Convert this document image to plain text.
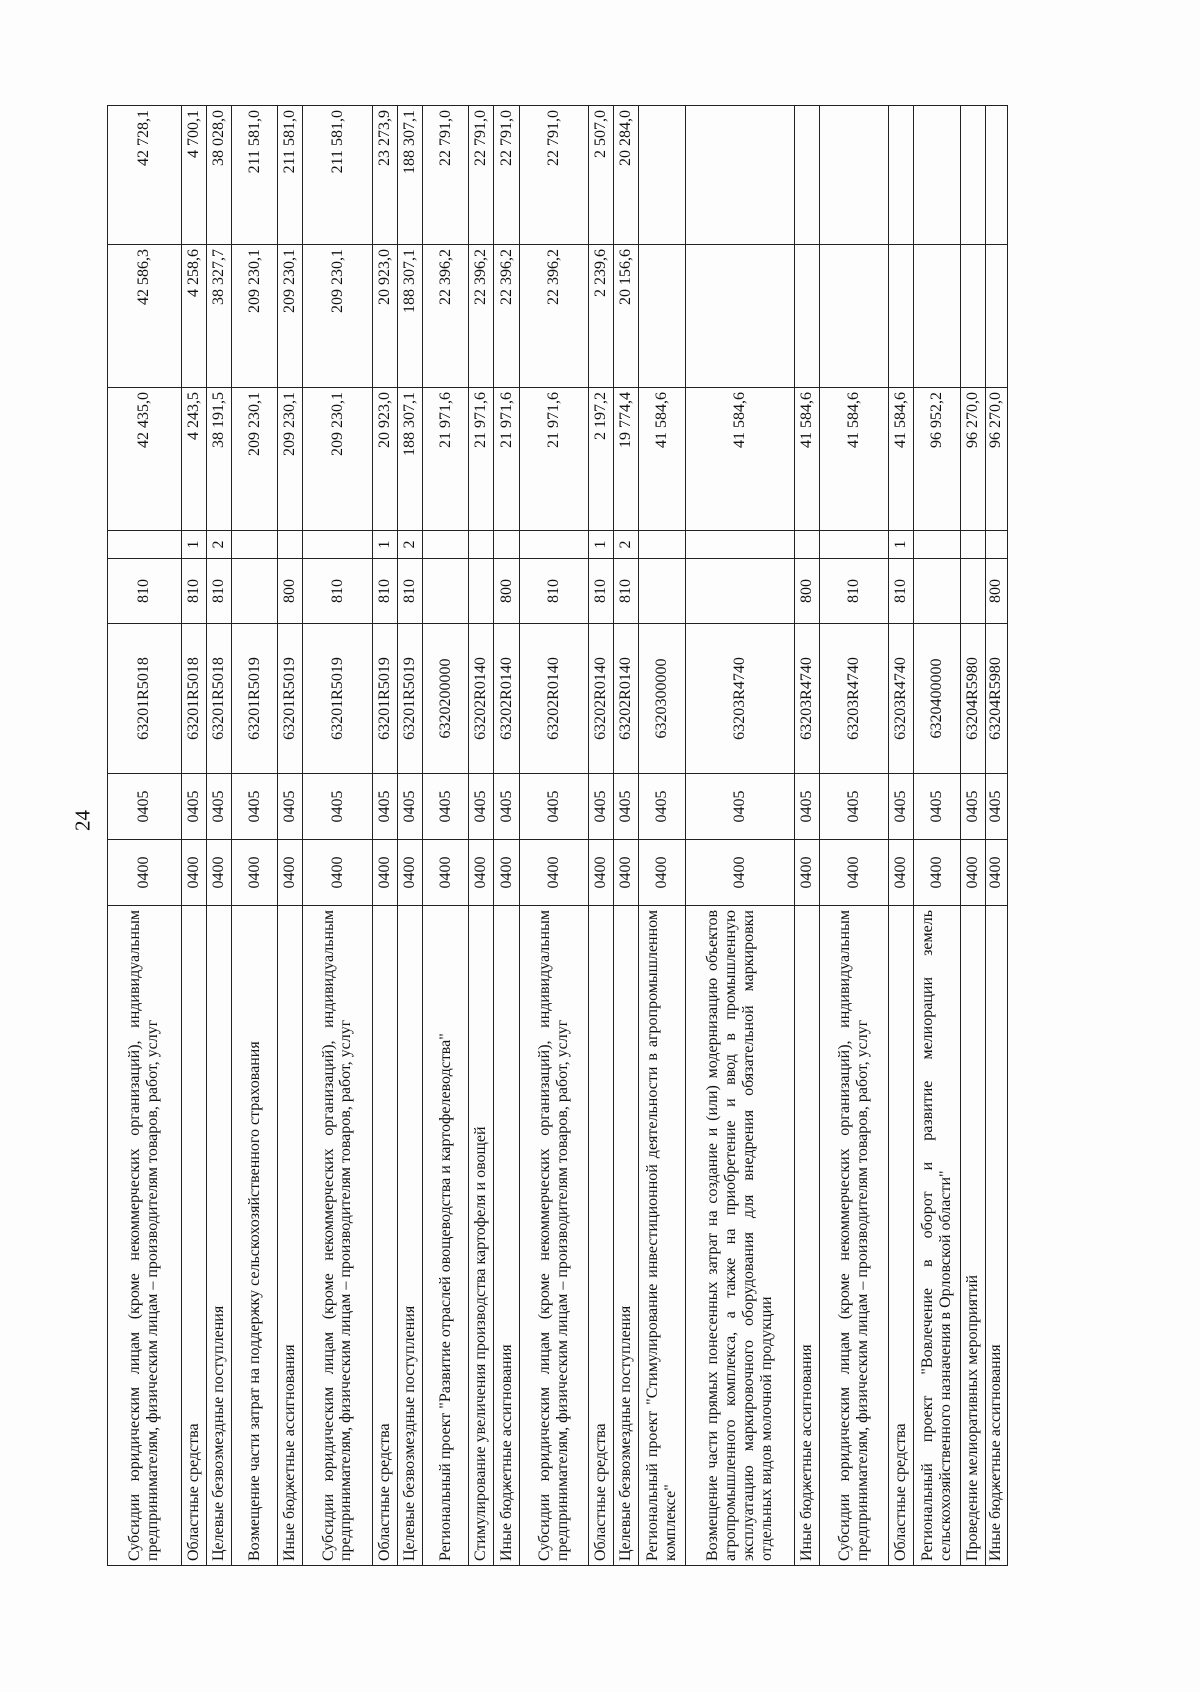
24
Субсидии юридическим лицам (кроме некоммерческих организаций), индивидуальным предпринимателям, физическим лицам – производителям товаров, работ, услуг	0400	0405	63201R5018	810		42 435,0	42 586,3	42 728,1
Областные средства	0400	0405	63201R5018	810	1	4 243,5	4 258,6	4 700,1
Целевые безвозмездные поступления	0400	0405	63201R5018	810	2	38 191,5	38 327,7	38 028,0
Возмещение части затрат на поддержку сельскохозяйственного страхования	0400	0405	63201R5019			209 230,1	209 230,1	211 581,0
Иные бюджетные ассигнования	0400	0405	63201R5019	800		209 230,1	209 230,1	211 581,0
Субсидии юридическим лицам (кроме некоммерческих организаций), индивидуальным предпринимателям, физическим лицам – производителям товаров, работ, услуг	0400	0405	63201R5019	810		209 230,1	209 230,1	211 581,0
Областные средства	0400	0405	63201R5019	810	1	20 923,0	20 923,0	23 273,9
Целевые безвозмездные поступления	0400	0405	63201R5019	810	2	188 307,1	188 307,1	188 307,1
Региональный проект "Развитие отраслей овощеводства и картофелеводства"	0400	0405	6320200000			21 971,6	22 396,2	22 791,0
Стимулирование увеличения производства картофеля и овощей	0400	0405	63202R0140			21 971,6	22 396,2	22 791,0
Иные бюджетные ассигнования	0400	0405	63202R0140	800		21 971,6	22 396,2	22 791,0
Субсидии юридическим лицам (кроме некоммерческих организаций), индивидуальным предпринимателям, физическим лицам – производителям товаров, работ, услуг	0400	0405	63202R0140	810		21 971,6	22 396,2	22 791,0
Областные средства	0400	0405	63202R0140	810	1	2 197,2	2 239,6	2 507,0
Целевые безвозмездные поступления	0400	0405	63202R0140	810	2	19 774,4	20 156,6	20 284,0
Региональный проект "Стимулирование инвестиционной деятельности в агропромышленном комплексе"	0400	0405	6320300000			41 584,6		
Возмещение части прямых понесенных затрат на создание и (или) модернизацию объектов агропромышленного комплекса, а также на приобретение и ввод в промышленную эксплуатацию маркировочного оборудования для внедрения обязательной маркировки отдельных видов молочной продукции	0400	0405	63203R4740			41 584,6		
Иные бюджетные ассигнования	0400	0405	63203R4740	800		41 584,6		
Субсидии юридическим лицам (кроме некоммерческих организаций), индивидуальным предпринимателям, физическим лицам – производителям товаров, работ, услуг	0400	0405	63203R4740	810		41 584,6		
Областные средства	0400	0405	63203R4740	810	1	41 584,6		
Региональный проект "Вовлечение в оборот и развитие мелиорации земель сельскохозяйственного назначения в Орловской области"	0400	0405	6320400000			96 952,2		
Проведение мелиоративных мероприятий	0400	0405	63204R5980			96 270,0		
Иные бюджетные ассигнования	0400	0405	63204R5980	800		96 270,0		
